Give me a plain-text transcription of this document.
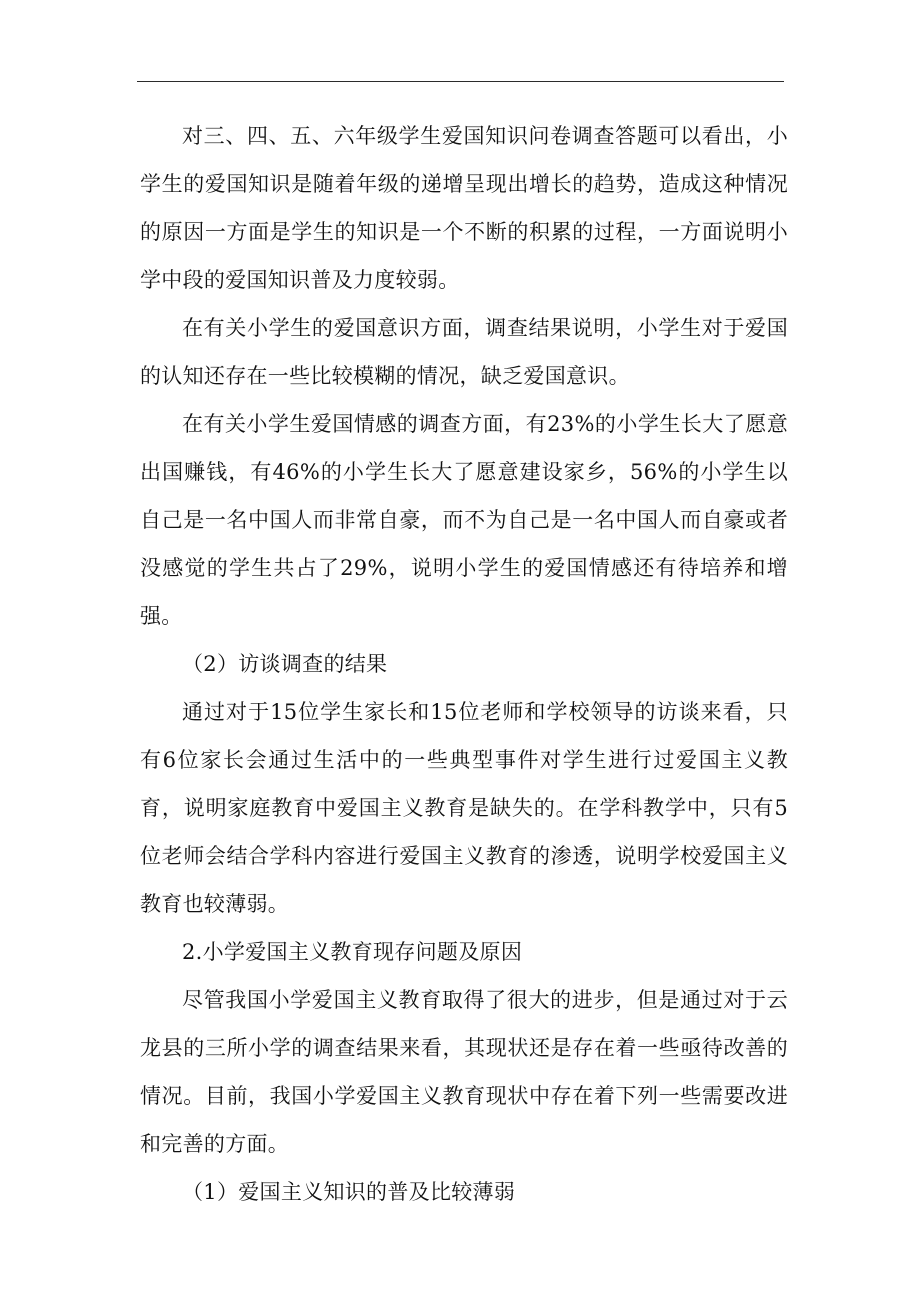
对三、四、五、六年级学生爱国知识问卷调查答题可以看出，小学生的爱国知识是随着年级的递增呈现出增长的趋势，造成这种情况的原因一方面是学生的知识是一个不断的积累的过程，一方面说明小学中段的爱国知识普及力度较弱。

在有关小学生的爱国意识方面，调查结果说明，小学生对于爱国的认知还存在一些比较模糊的情况，缺乏爱国意识。

在有关小学生爱国情感的调查方面，有23%的小学生长大了愿意出国赚钱，有46%的小学生长大了愿意建设家乡，56%的小学生以自己是一名中国人而非常自豪，而不为自己是一名中国人而自豪或者没感觉的学生共占了29%，说明小学生的爱国情感还有待培养和增强。

（2）访谈调查的结果

通过对于15位学生家长和15位老师和学校领导的访谈来看，只有6位家长会通过生活中的一些典型事件对学生进行过爱国主义教育，说明家庭教育中爱国主义教育是缺失的。在学科教学中，只有5位老师会结合学科内容进行爱国主义教育的渗透，说明学校爱国主义教育也较薄弱。

2.小学爱国主义教育现存问题及原因

尽管我国小学爱国主义教育取得了很大的进步，但是通过对于云龙县的三所小学的调查结果来看，其现状还是存在着一些亟待改善的情况。目前，我国小学爱国主义教育现状中存在着下列一些需要改进和完善的方面。

（1）爱国主义知识的普及比较薄弱
